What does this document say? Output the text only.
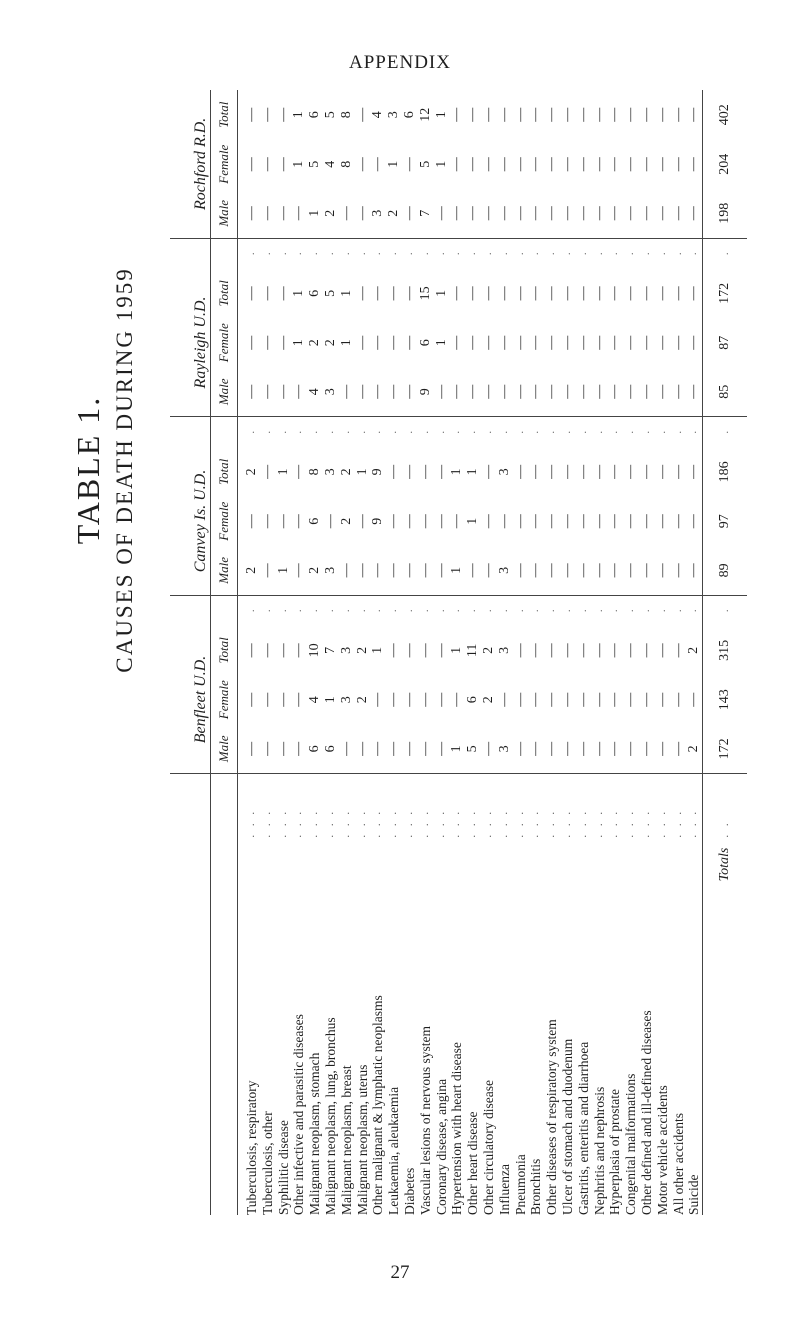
APPENDIX
TABLE 1. CAUSES OF DEATH DURING 1959
		Benfleet U.D.				Canvey Is. U.D.				Rayleigh U.D.				Rochford R.D.		
		Male	Female	Total		Male	Female	Total		Male	Female	Total		Male	Female	Total
Tuberculosis, respiratory	. . .	—	—	—	.	2	—	2	.	—	—	—	.	—	—	—
Tuberculosis, other	. . .	—	—	—	.	—	—	—	.	—	—	—	.	—	—	—
Syphilitic disease	. . .	—	—	—	.	1	—	1	.	—	—	—	.	—	—	—
Other infective and parasitic diseases	. . .	—	—	—	.	—	—	—	.	—	1	1	.	—	1	1
Malignant neoplasm, stomach	. . .	6	4	10	.	2	6	8	.	4	2	6	.	1	5	6
Malignant neoplasm, lung, bronchus	. . .	6	1	7	.	3	—	3	.	3	2	5	.	2	4	5
Malignant neoplasm, breast	. . .	—	3	3	.	—	2	2	.	—	1	1	.	—	8	8
Malignant neoplasm, uterus	. . .	—	2	2	.	—	—	1	.	—	—	—	.	—	—	—
Other malignant & lymphatic neoplasms	. . .	—	—	1	.	—	9	9	.	—	—	—	.	3	—	4
Leukaemia, aleukaemia	. . .	—	—	—	.	—	—	—	.	—	—	—	.	2	1	3
Diabetes	. . .	—	—	—	.	—	—	—	.	—	—	—	.	—	—	6
Vascular lesions of nervous system	. . .	—	—	—	.	—	—	—	.	9	6	15	.	7	5	12
Coronary disease, angina	. . .	—	—	—	.	—	—	—	.	—	1	1	.	—	1	1
Hypertension with heart disease	. . .	1	—	1	.	1	—	1	.	—	—	—	.	—	—	—
Other heart disease	. . .	5	6	11	.	—	1	1	.	—	—	—	.	—	—	—
Other circulatory disease	. . .	—	2	2	.	—	—	—	.	—	—	—	.	—	—	—
Influenza	. . .	3	—	3	.	3	—	3	.	—	—	—	.	—	—	—
Pneumonia	. . .	—	—	—	.	—	—	—	.	—	—	—	.	—	—	—
Bronchitis	. . .	—	—	—	.	—	—	—	.	—	—	—	.	—	—	—
Other diseases of respiratory system	. . .	—	—	—	.	—	—	—	.	—	—	—	.	—	—	—
Ulcer of stomach and duodenum	. . .	—	—	—	.	—	—	—	.	—	—	—	.	—	—	—
Gastritis, enteritis and diarrhoea	. . .	—	—	—	.	—	—	—	.	—	—	—	.	—	—	—
Nephritis and nephrosis	. . .	—	—	—	.	—	—	—	.	—	—	—	.	—	—	—
Hyperplasia of prostate	. . .	—	—	—	.	—	—	—	.	—	—	—	.	—	—	—
Congenital malformations	. . .	—	—	—	.	—	—	—	.	—	—	—	.	—	—	—
Other defined and ill-defined diseases	. . .	—	—	—	.	—	—	—	.	—	—	—	.	—	—	—
Motor vehicle accidents	. . .	—	—	—	.	—	—	—	.	—	—	—	.	—	—	—
All other accidents	. . .	—	—	—	.	—	—	—	.	—	—	—	.	—	—	—
Suicide	. . .	2	—	2	.	—	—	—	.	—	—	—	.	—	—	—
Totals	. .	172	143	315	.	89	97	186	.	85	87	172	.	198	204	402
27
